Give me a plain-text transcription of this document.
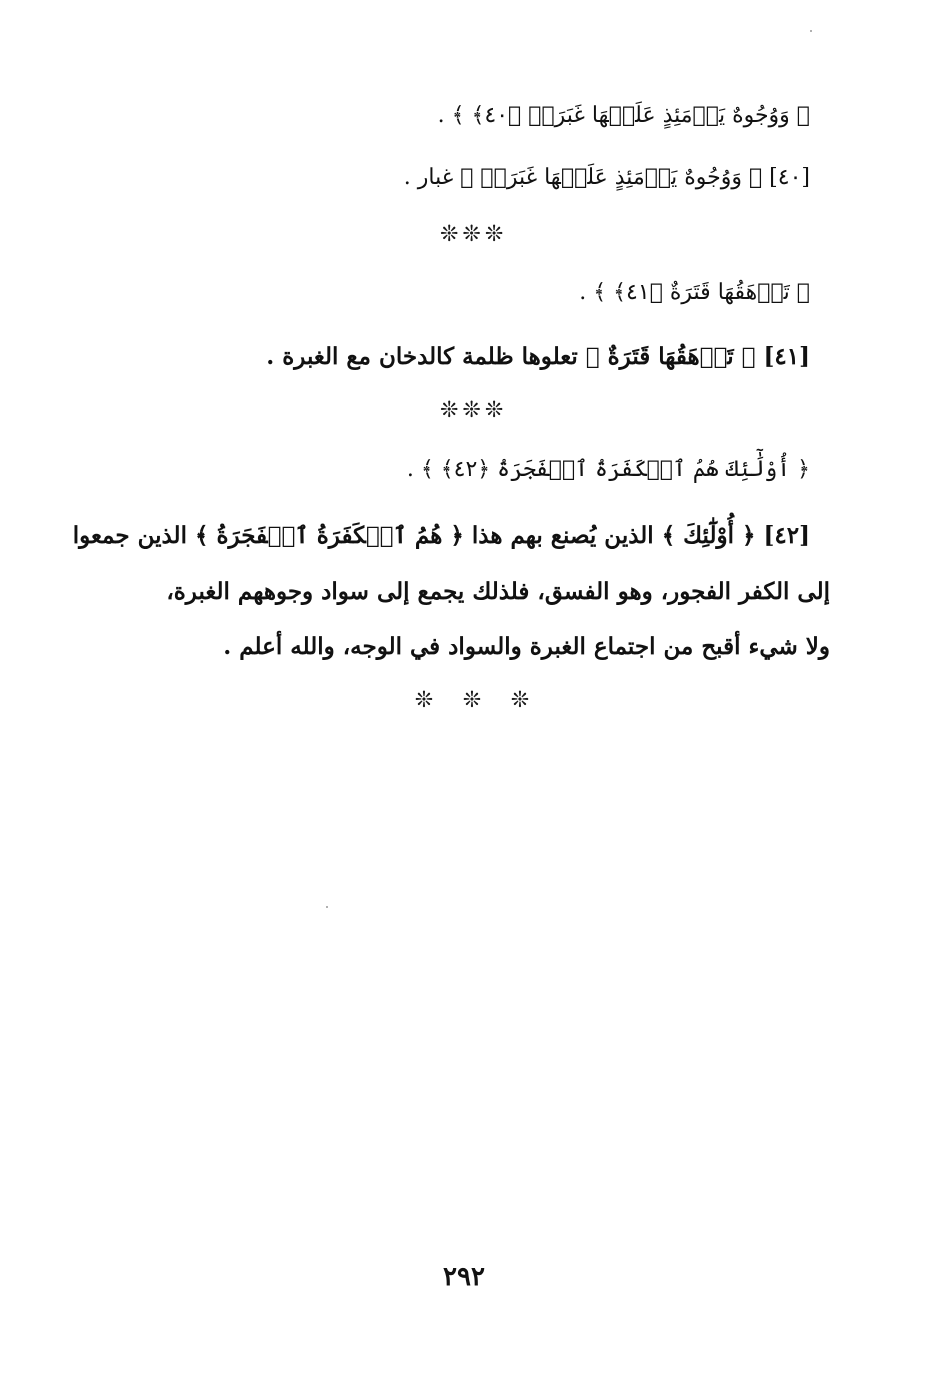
﴿ وَوُجُوهٌ يَوۡمَئِذٍ عَلَيۡهَا غَبَرَةٞ ﴿٤٠﴾ ﴾ .
[٤٠] ﴿ وَوُجُوهٌ يَوۡمَئِذٍ عَلَيۡهَا غَبَرَةٞ ﴾ غبار .
❊❊❊
﴿ تَرۡهَقُهَا قَتَرَةٌ ﴿٤١﴾ ﴾ .
[٤١] ﴿ تَرۡهَقُهَا قَتَرَةٌ ﴾ تعلوها ظلمة كالدخان مع الغبرة .
❊❊❊
﴿ أُوْلَٰٓئِكَ هُمُ ٱلۡكَفَرَةُ ٱلۡفَجَرَةُ ﴿٤٢﴾ ﴾ .
[٤٢] ﴿ أُوْلَٰٓئِكَ ﴾ الذين يُصنع بهم هذا ﴿ هُمُ ٱلۡكَفَرَةُ ٱلۡفَجَرَةُ ﴾ الذين جمعوا
إلى الكفر الفجور، وهو الفسق، فلذلك يجمع إلى سواد وجوههم الغبرة،
ولا شيء أقبح من اجتماع الغبرة والسواد في الوجه، والله أعلم .
❊ ❊ ❊
٢٩٢
